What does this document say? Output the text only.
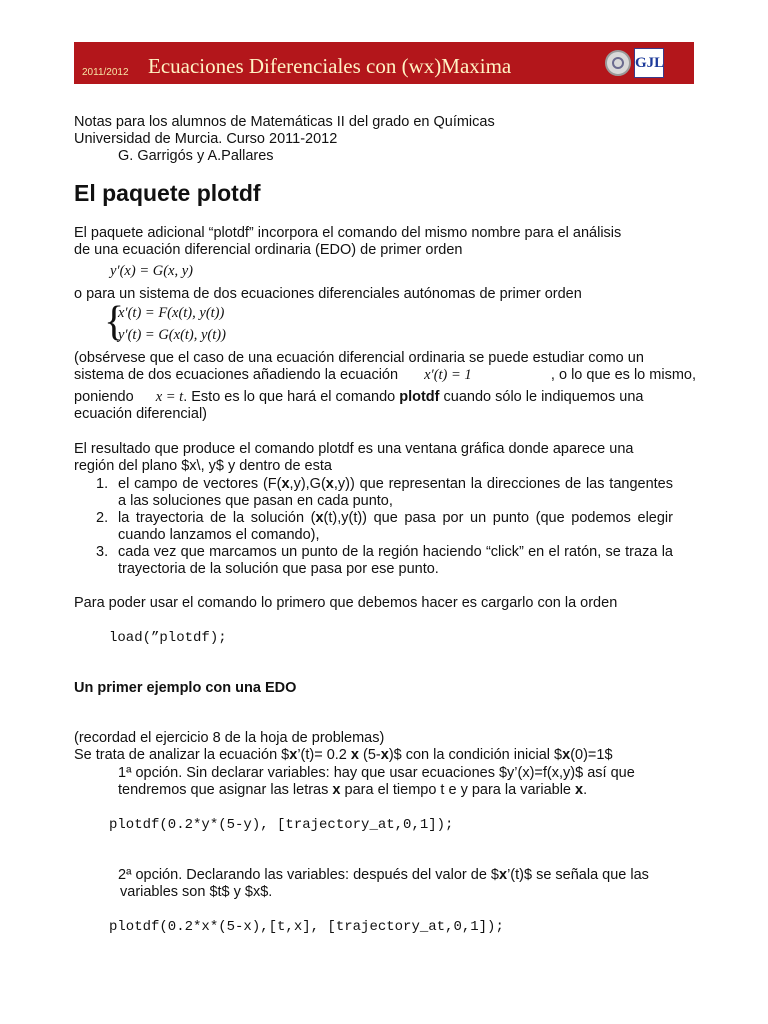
2011/2012 Ecuaciones Diferenciales con (wx)Maxima	GJL
Notas para los alumnos de Matemáticas II del grado en Químicas
Universidad de Murcia. Curso 2011-2012
G. Garrigós y A.Pallares
El paquete plotdf
El paquete adicional “plotdf” incorpora el comando del mismo nombre para el análisis
de una ecuación diferencial ordinaria (EDO) de primer orden
y′(x) = G(x, y)
o para un sistema de dos ecuaciones diferenciales autónomas de primer orden
{
x′(t) = F(x(t), y(t))
y′(t) = G(x(t), y(t))
(obsérvese que el caso de una ecuación diferencial ordinaria se puede estudiar como un
sistema de dos ecuaciones añadiendo la ecuación x′(t) = 1	, o lo que es lo mismo,
poniendo x = t. Esto es lo que hará el comando plotdf cuando sólo le indiquemos una
ecuación diferencial)
El resultado que produce el comando plotdf es una ventana gráfica donde aparece una
región del plano $x\, y$ y dentro de esta
1. el campo de vectores (F(x,y),G(x,y)) que representan la direcciones de las tangentes a las soluciones que pasan en cada punto,
2. la trayectoria de la solución (x(t),y(t)) que pasa por un punto (que podemos elegir cuando lanzamos el comando),
3. cada vez que marcamos un punto de la región haciendo “click” en el ratón, se traza la trayectoria de la solución que pasa por ese punto.
Para poder usar el comando lo primero que debemos hacer es cargarlo con la orden
load(”plotdf);
Un primer ejemplo con una EDO
(recordad el ejercicio 8 de la hoja de problemas)
Se trata de analizar la ecuación $x’(t)= 0.2 x (5-x)$ con la condición inicial $x(0)=1$
1ª opción. Sin declarar variables: hay que usar ecuaciones $y’(x)=f(x,y)$ así que
tendremos que asignar las letras x para el tiempo t e y para la variable x.
plotdf(0.2*y*(5-y), [trajectory_at,0,1]);
2ª opción. Declarando las variables: después del valor de $x’(t)$ se señala que las
variables son $t$ y $x$.
plotdf(0.2*x*(5-x),[t,x], [trajectory_at,0,1]);
